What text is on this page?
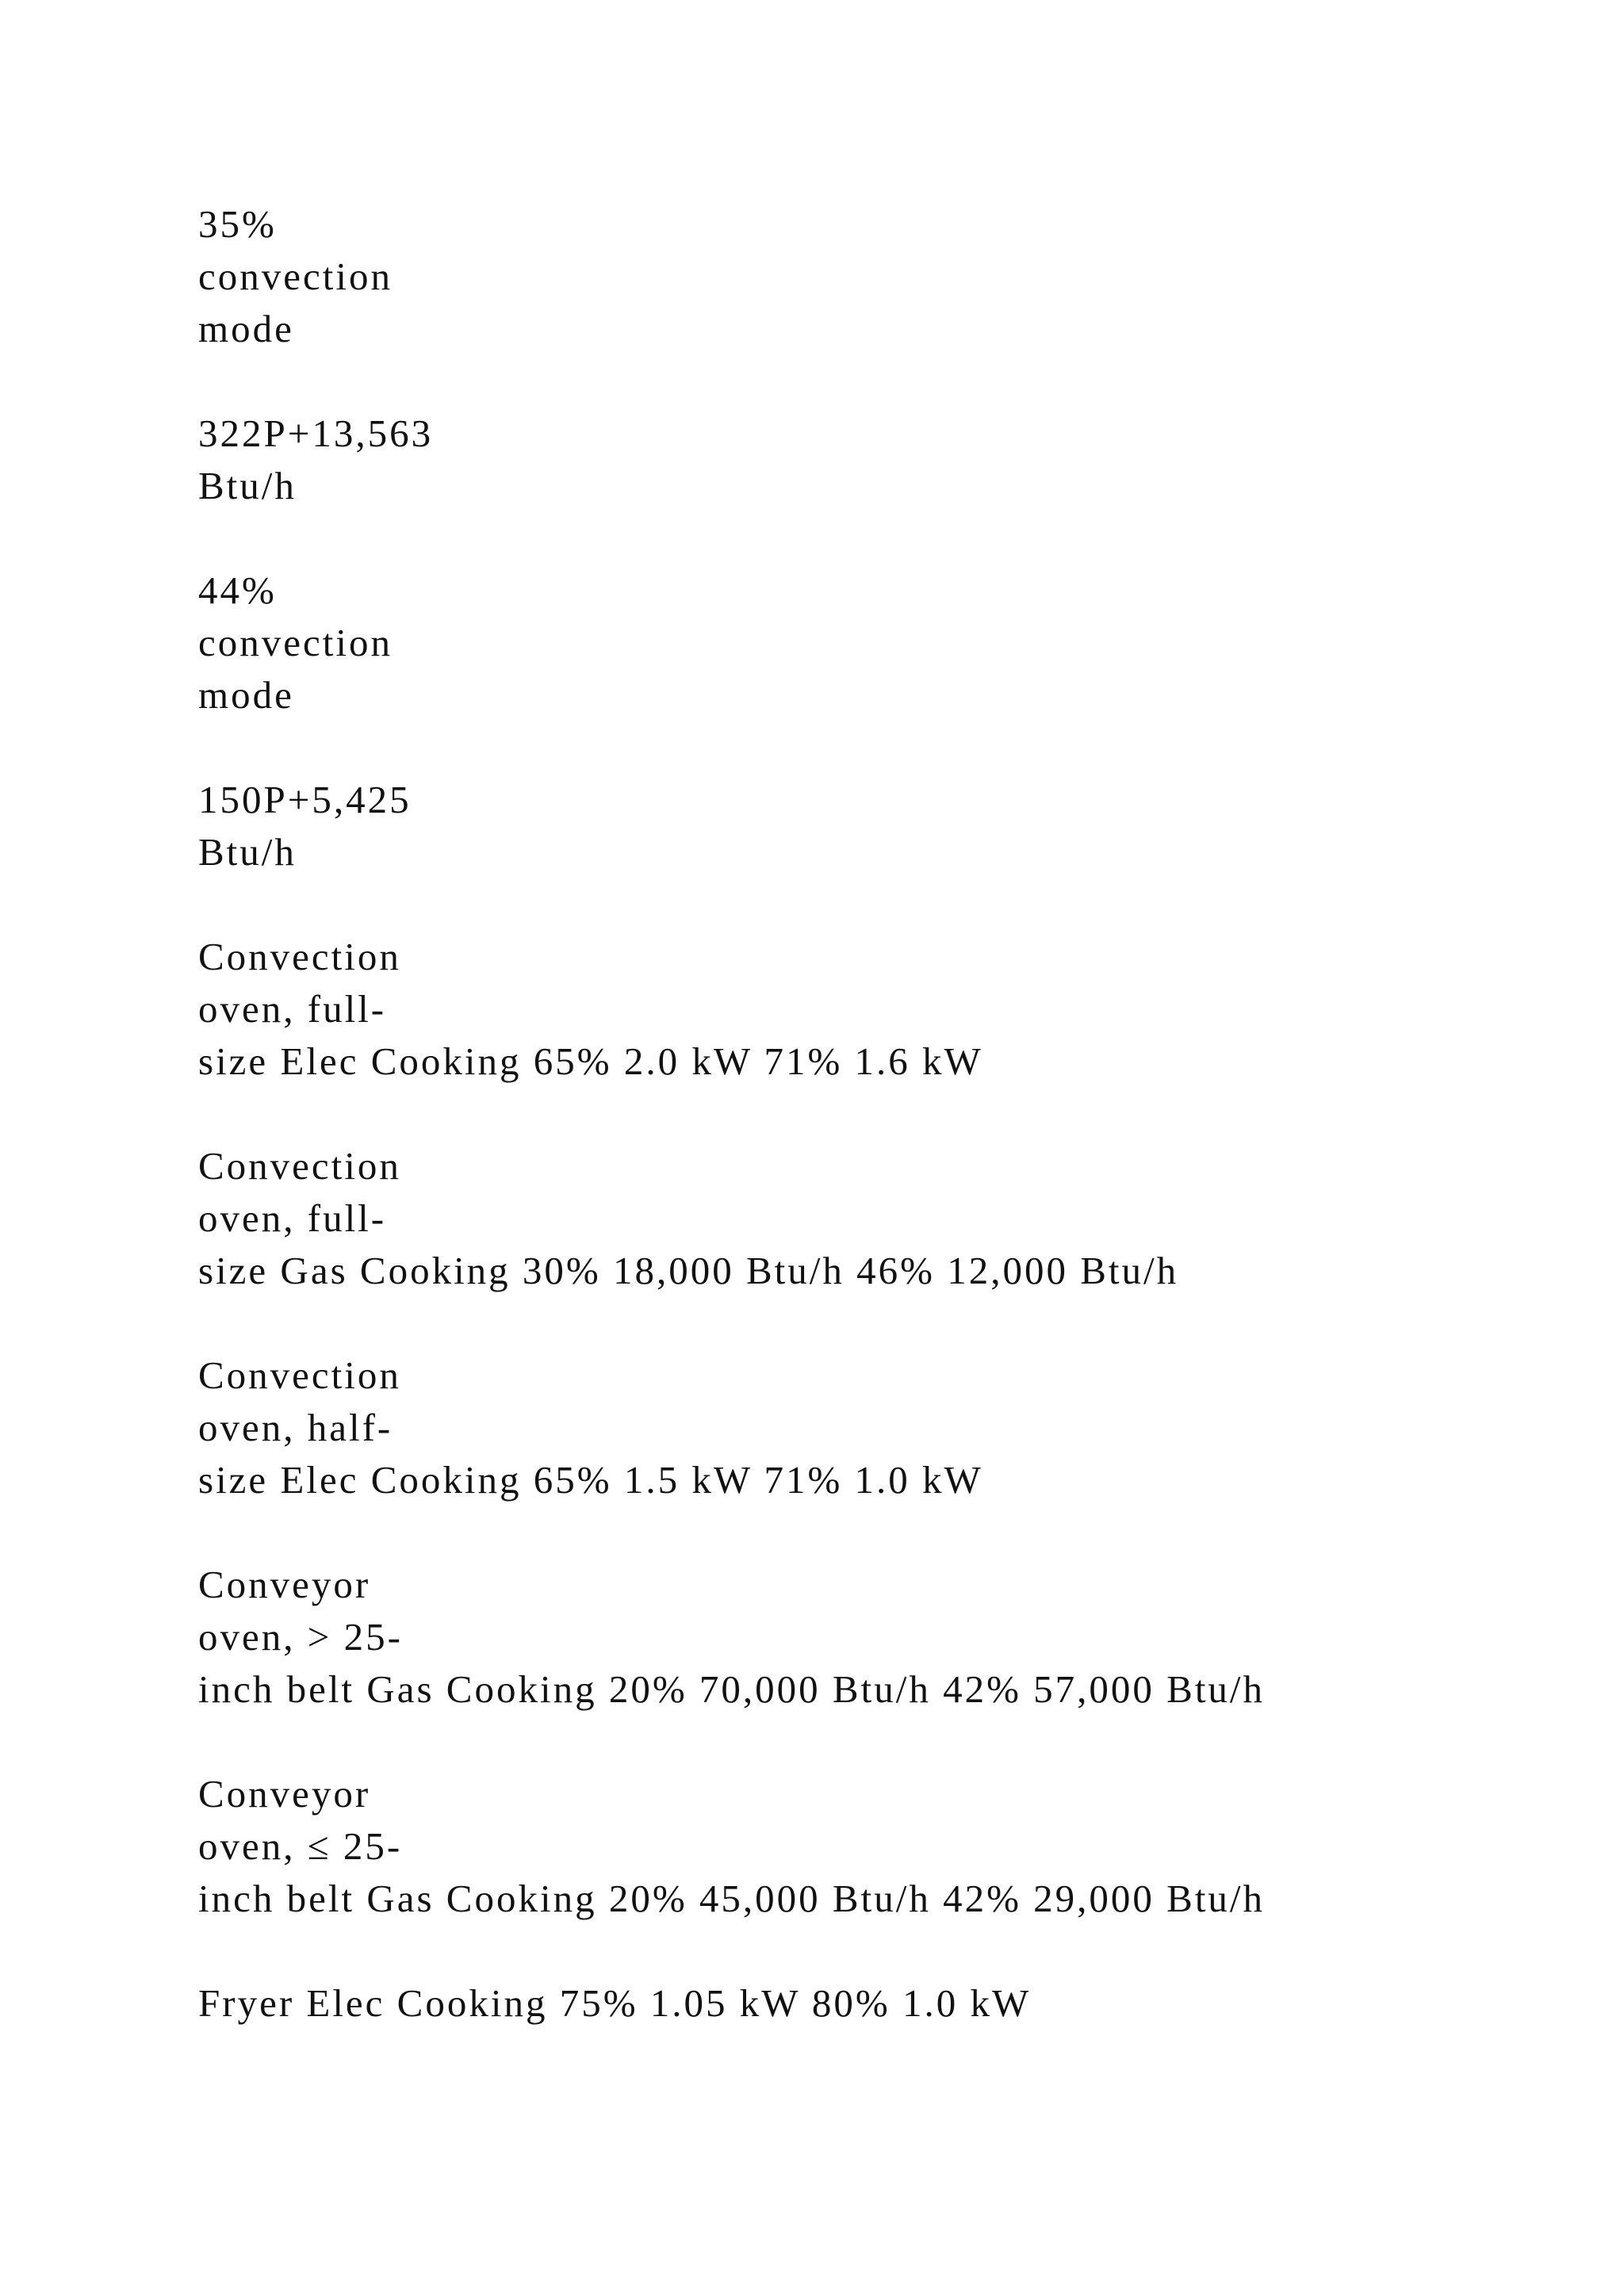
35%
convection
mode
322P+13,563
Btu/h
44%
convection
mode
150P+5,425
Btu/h
Convection
oven, full-
size Elec Cooking 65% 2.0 kW 71% 1.6 kW
Convection
oven, full-
size Gas Cooking 30% 18,000 Btu/h 46% 12,000 Btu/h
Convection
oven, half-
size Elec Cooking 65% 1.5 kW 71% 1.0 kW
Conveyor
oven, > 25-
inch belt Gas Cooking 20% 70,000 Btu/h 42% 57,000 Btu/h
Conveyor
oven, ≤ 25-
inch belt Gas Cooking 20% 45,000 Btu/h 42% 29,000 Btu/h
Fryer Elec Cooking 75% 1.05 kW 80% 1.0 kW
